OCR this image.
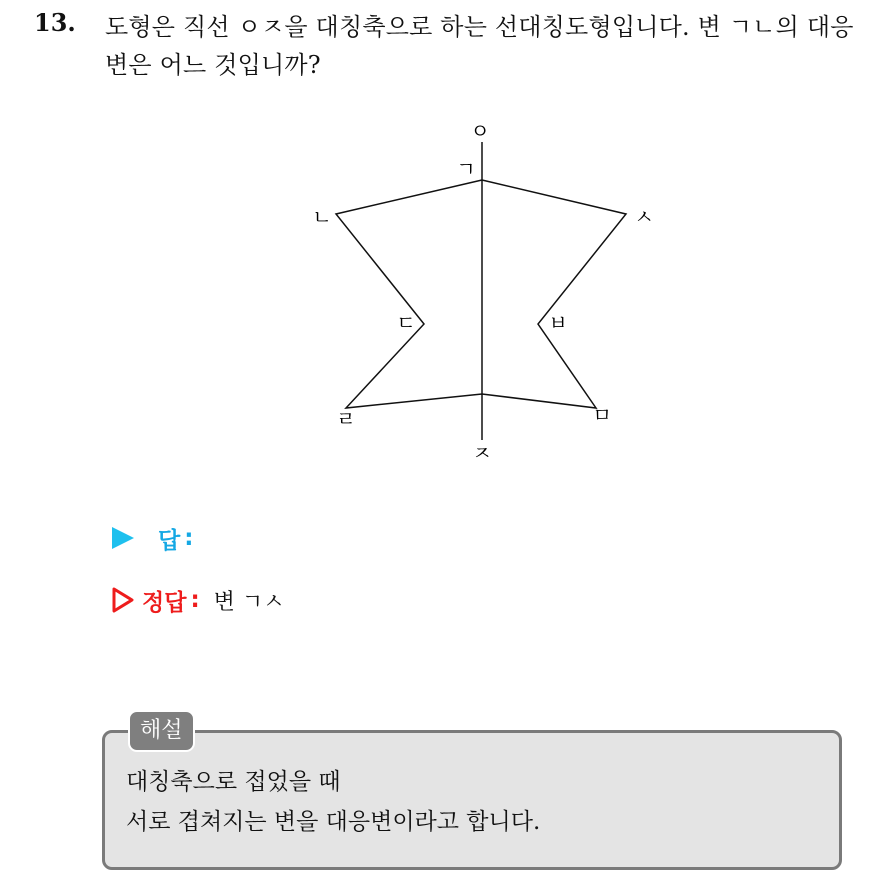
13. 도형은 직선 ㅇㅈ을 대칭축으로 하는 선대칭도형입니다. 변 ㄱㄴ의 대응변은 어느 것입니까?
ㅇ
ㄱ
ㄴ	ㅅ
ㄷ	ㅂ
ㄹ	ㅁ
ㅈ
답 :
정답 : 변 ㄱㅅ
해설
대칭축으로 접었을 때
서로 겹쳐지는 변을 대응변이라고 합니다.
